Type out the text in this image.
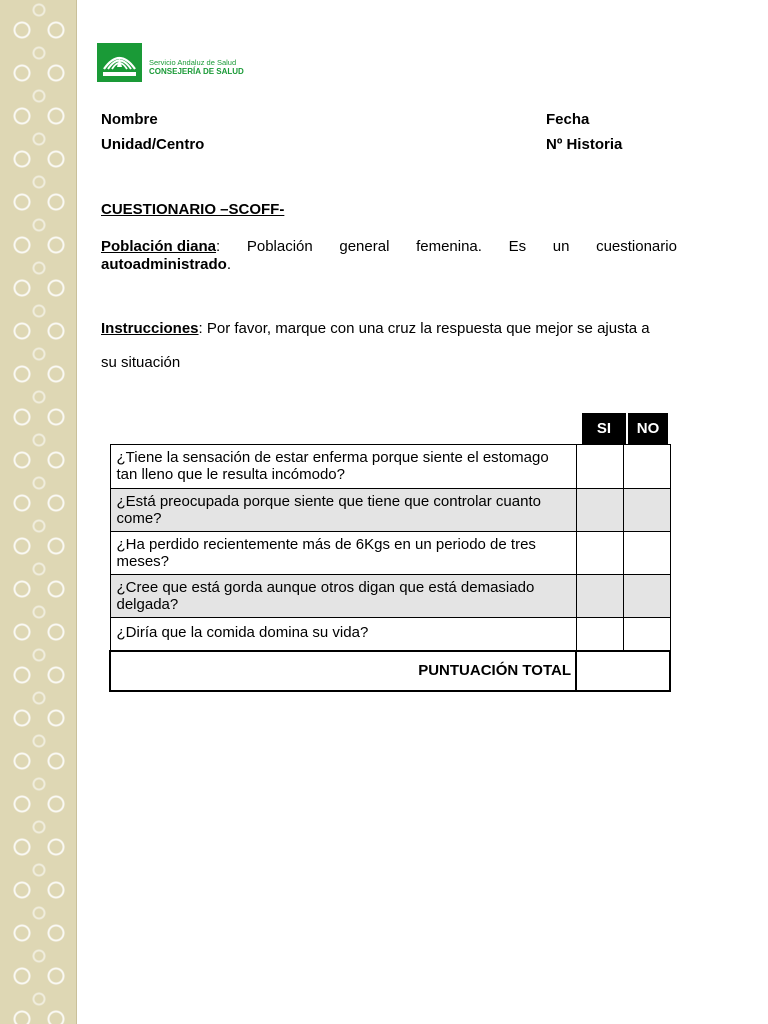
Servicio Andaluz de Salud
CONSEJERÍA DE SALUD
Nombre	Fecha
Unidad/Centro	Nº Historia
CUESTIONARIO –SCOFF-
Población diana: Población general femenina. Es un cuestionario
autoadministrado.
Instrucciones: Por favor, marque con una cruz la respuesta que mejor se ajusta a
su situación
SI	NO
¿Tiene la sensación de estar enferma porque siente el estomago tan lleno que le resulta incómodo?		
¿Está preocupada porque siente que tiene que controlar cuanto come?		
¿Ha perdido recientemente más de 6Kgs en un periodo de tres meses?		
¿Cree que está gorda aunque otros digan que está demasiado delgada?		
¿Diría que la comida domina su vida?		
PUNTUACIÓN TOTAL		
